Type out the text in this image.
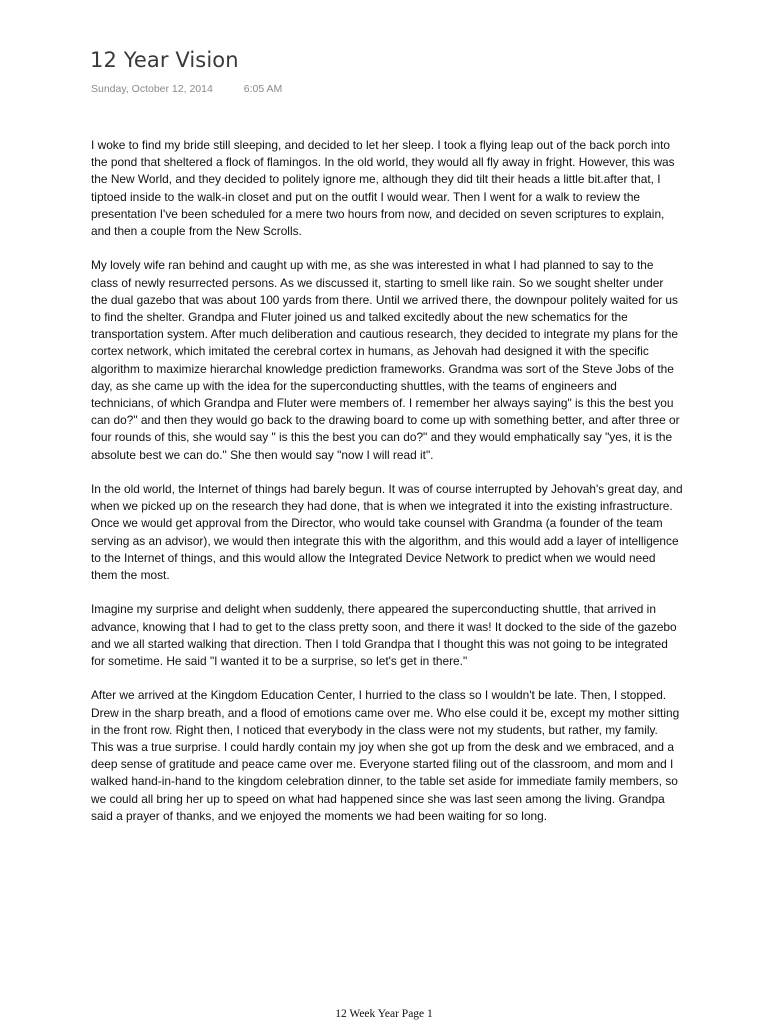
12 Year Vision
Sunday, October 12, 2014	6:05 AM

I woke to find my bride still sleeping, and decided to let her sleep. I took a flying leap out of the back porch into the pond that sheltered a flock of flamingos. In the old world, they would all fly away in fright. However, this was the New World, and they decided to politely ignore me, although they did tilt their heads a little bit.after that, I tiptoed inside to the walk-in closet and put on the outfit I would wear. Then I went for a walk to review the presentation I've been scheduled for a mere two hours from now, and decided on seven scriptures to explain, and then a couple from the New Scrolls.

My lovely wife ran behind and caught up with me, as she was interested in what I had planned to say to the class of newly resurrected persons. As we discussed it, starting to smell like rain. So we sought shelter under the dual gazebo that was about 100 yards from there. Until we arrived there, the downpour politely waited for us to find the shelter. Grandpa and Fluter joined us and talked excitedly about the new schematics for the transportation system. After much deliberation and cautious research, they decided to integrate my plans for the cortex network, which imitated the cerebral cortex in humans, as Jehovah had designed it with the specific algorithm to maximize hierarchal knowledge prediction frameworks. Grandma was sort of the Steve Jobs of the day, as she came up with the idea for the superconducting shuttles, with the teams of engineers and technicians, of which Grandpa and Fluter were members of. I remember her always saying" is this the best you can do?" and then they would go back to the drawing board to come up with something better, and after three or four rounds of this, she would say " is this the best you can do?" and they would emphatically say "yes, it is the absolute best we can do." She then would say "now I will read it".

In the old world, the Internet of things had barely begun. It was of course interrupted by Jehovah's great day, and when we picked up on the research they had done, that is when we integrated it into the existing infrastructure. Once we would get approval from the Director, who would take counsel with Grandma (a founder of the team serving as an advisor), we would then integrate this with the algorithm, and this would add a layer of intelligence to the Internet of things, and this would allow the Integrated Device Network to predict when we would need them the most.

Imagine my surprise and delight when suddenly, there appeared the superconducting shuttle, that arrived in advance, knowing that I had to get to the class pretty soon, and there it was! It docked to the side of the gazebo and we all started walking that direction. Then I told Grandpa that I thought this was not going to be integrated for sometime. He said "I wanted it to be a surprise, so let's get in there."

After we arrived at the Kingdom Education Center, I hurried to the class so I wouldn't be late. Then, I stopped. Drew in the sharp breath, and a flood of emotions came over me. Who else could it be, except my mother sitting in the front row. Right then, I noticed that everybody in the class were not my students, but rather, my family. This was a true surprise. I could hardly contain my joy when she got up from the desk and we embraced, and a deep sense of gratitude and peace came over me. Everyone started filing out of the classroom, and mom and I walked hand-in-hand to the kingdom celebration dinner, to the table set aside for immediate family members, so we could all bring her up to speed on what had happened since she was last seen among the living. Grandpa said a prayer of thanks, and we enjoyed the moments we had been waiting for so long.

12 Week Year Page 1
